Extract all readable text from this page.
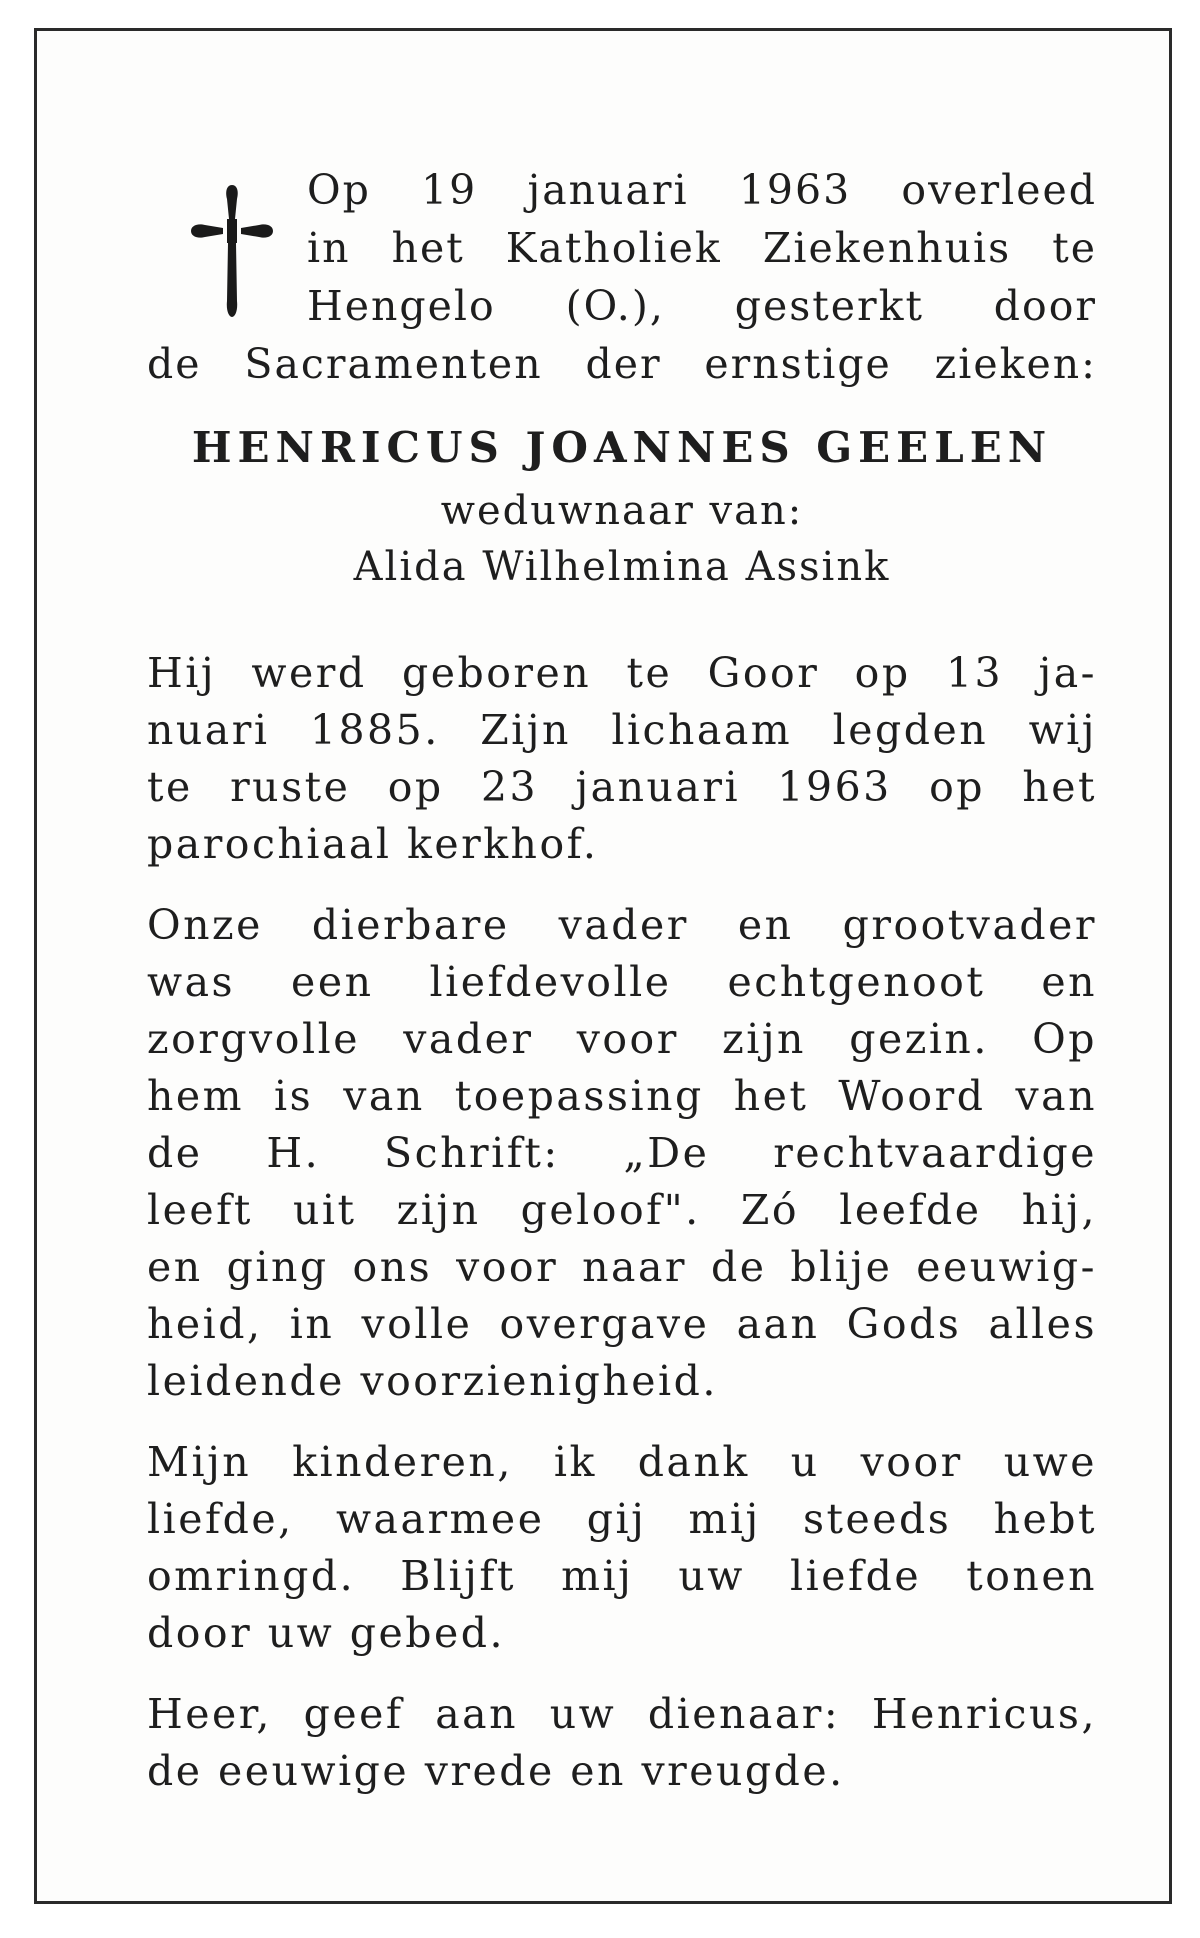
Op 19 januari 1963 overleed
in het Katholiek Ziekenhuis te
Hengelo (O.), gesterkt door
de Sacramenten der ernstige zieken:
HENRICUS JOANNES GEELEN
weduwnaar van:
Alida Wilhelmina Assink
Hij werd geboren te Goor op 13 ja-
nuari 1885. Zijn lichaam legden wij
te ruste op 23 januari 1963 op het
parochiaal kerkhof.
Onze dierbare vader en grootvader
was een liefdevolle echtgenoot en
zorgvolle vader voor zijn gezin. Op
hem is van toepassing het Woord van
de H. Schrift: „De rechtvaardige
leeft uit zijn geloof". Zó leefde hij,
en ging ons voor naar de blije eeuwig-
heid, in volle overgave aan Gods alles
leidende voorzienigheid.
Mijn kinderen, ik dank u voor uwe
liefde, waarmee gij mij steeds hebt
omringd. Blijft mij uw liefde tonen
door uw gebed.
Heer, geef aan uw dienaar: Henricus,
de eeuwige vrede en vreugde.
